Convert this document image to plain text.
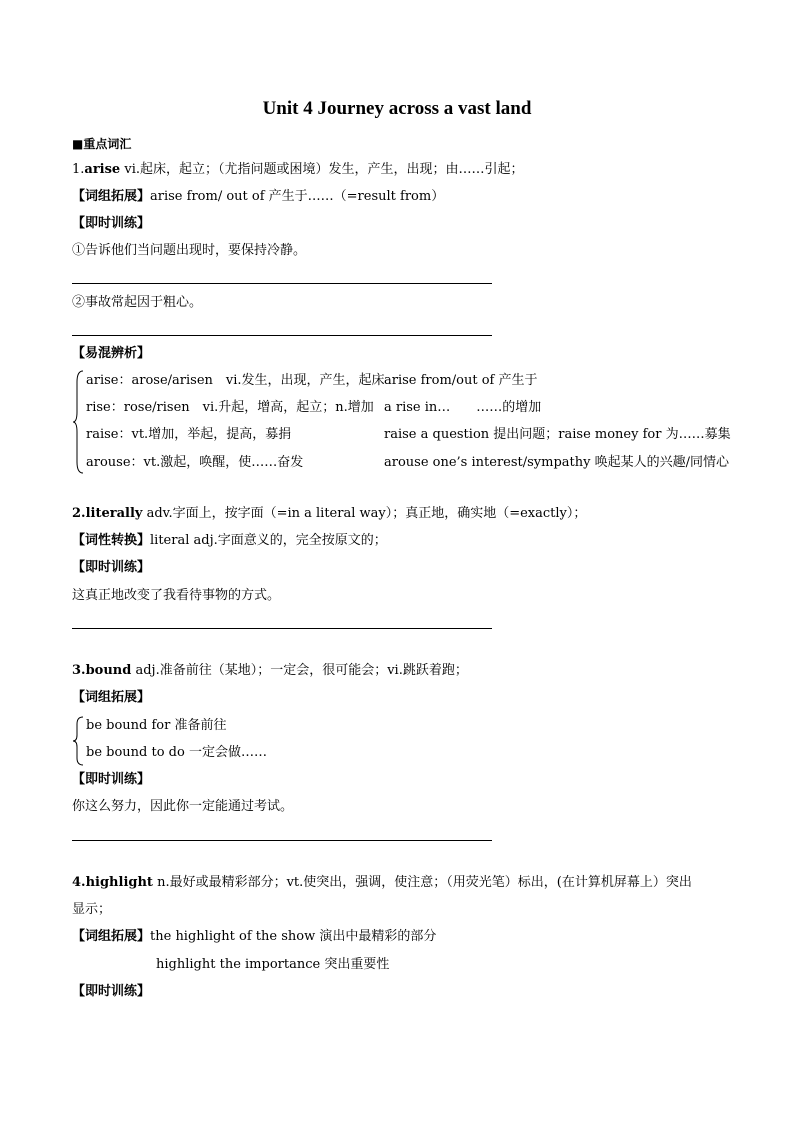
Unit 4 Journey across a vast land
■重点词汇
1.arise vi.起床，起立；（尤指问题或困境）发生，产生，出现；由……引起；
【词组拓展】arise from/ out of 产生于……（=result from）
【即时训练】
①告诉他们当问题出现时，要保持冷静。
②事故常起因于粗心。
【易混辨析】
arise：arose/arisen　vi.发生，出现，产生，起床 arise from/out of 产生于
rise：rose/risen　vi.升起，增高，起立；n.增加 a rise in…　　……的增加
raise：vt.增加，举起，提高，募捐	raise a question 提出问题；raise money for 为……募集
arouse：vt.激起，唤醒，使……奋发	arouse one’s interest/sympathy 唤起某人的兴趣/同情心
2.literally adv.字面上，按字面（=in a literal way）；真正地，确实地（=exactly）；
【词性转换】literal adj.字面意义的，完全按原文的；
【即时训练】
这真正地改变了我看待事物的方式。
3.bound adj.准备前往（某地）；一定会，很可能会；vi.跳跃着跑；
【词组拓展】
be bound for 准备前往
be bound to do 一定会做……
【即时训练】
你这么努力，因此你一定能通过考试。
4.highlight n.最好或最精彩部分；vt.使突出，强调，使注意；（用荧光笔）标出，(在计算机屏幕上）突出
显示；
【词组拓展】the highlight of the show 演出中最精彩的部分
highlight the importance 突出重要性
【即时训练】
